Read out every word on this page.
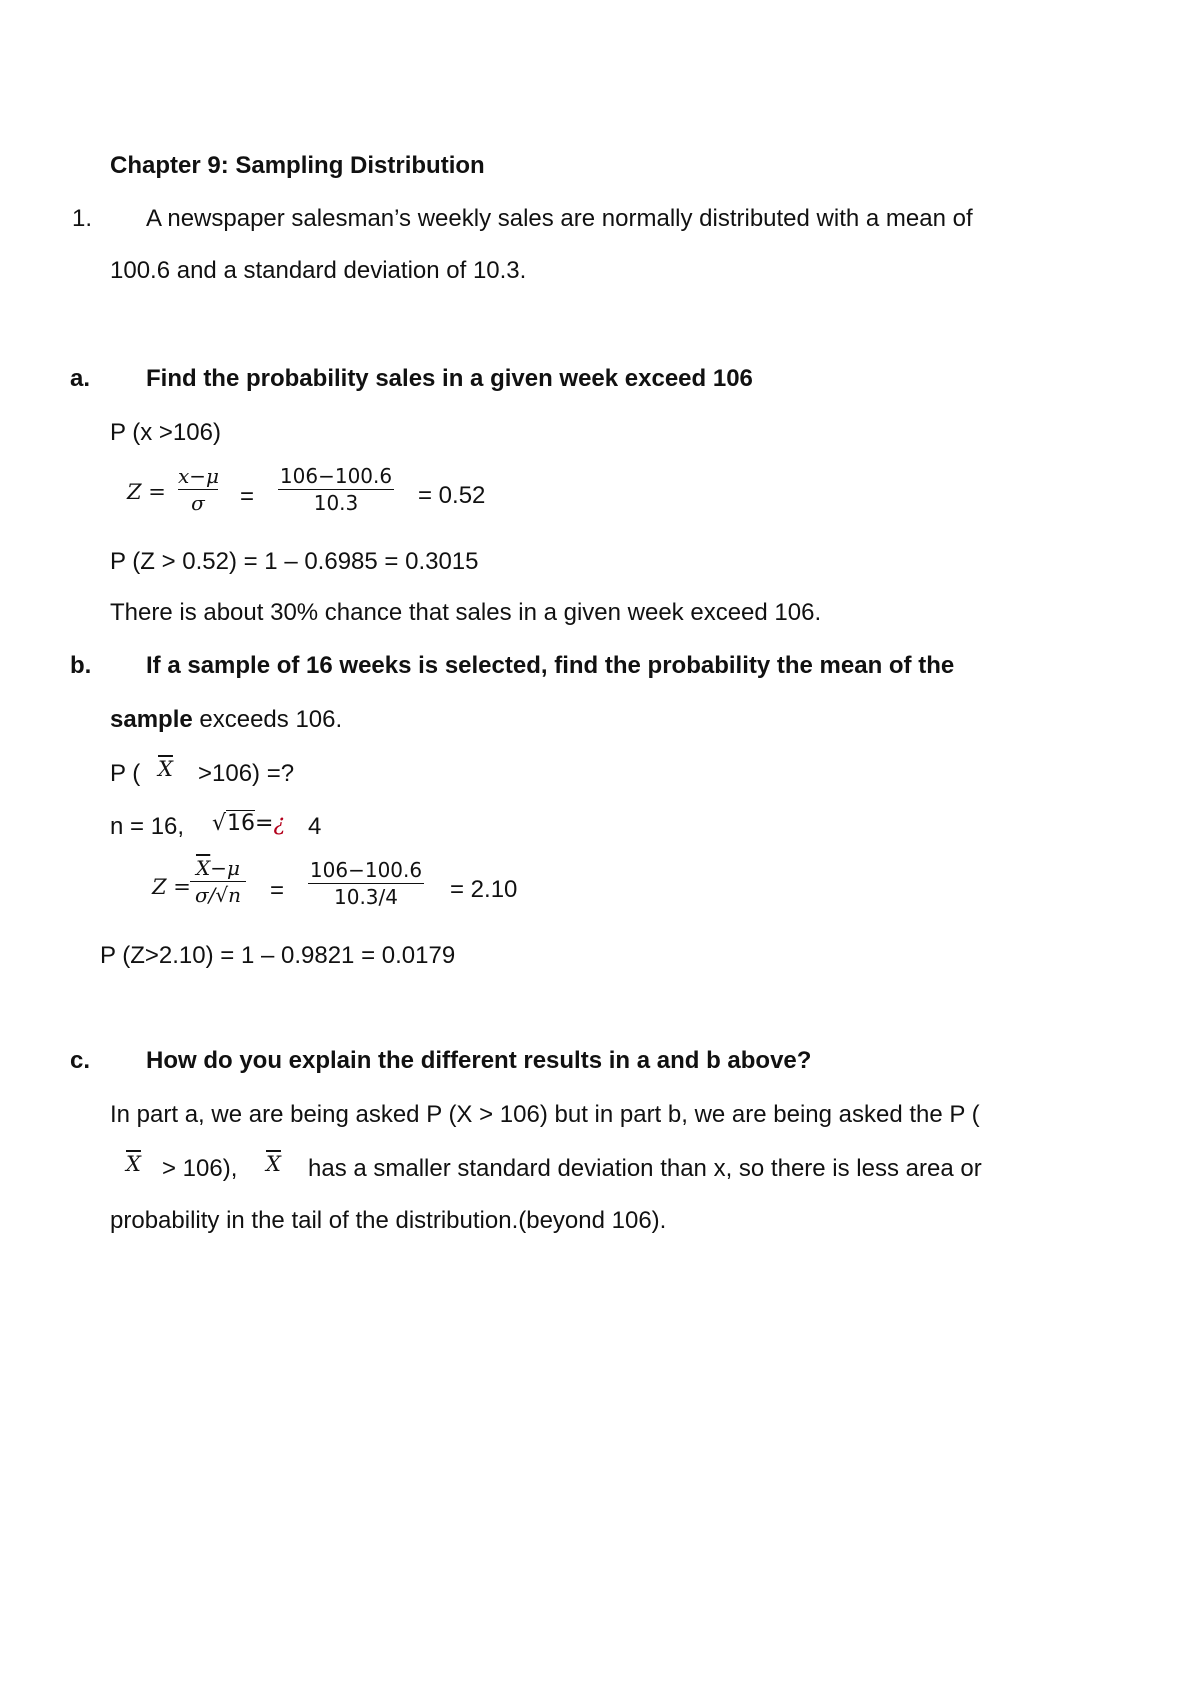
Chapter 9: Sampling Distribution
1. A newspaper salesman’s weekly sales are normally distributed with a mean of
100.6 and a standard deviation of 10.3.
a. Find the probability sales in a given week exceed 106
P (x >106)
Z =
x−μ
σ	=
106−100.6
10.3	= 0.52
P (Z > 0.52) = 1 – 0.6985 = 0.3015
There is about 30% chance that sales in a given week exceed 106.
b. If a sample of 16 weeks is selected, find the probability the mean of the
sample exceeds 106.
P ( $\overline{X} >106$) =?
n = 16, √16=¿ 4
Z =
$\overline{X}-\mu$
σ/√n =
106−100.6
10.3/4	= 2.10
P (Z>2.10) = 1 – 0.9821 = 0.0179
c. How do you explain the different results in a and b above?
In part a, we are being asked P (X > 106) but in part b, we are being asked the P (
$\overline{X} > 106$), $\overline{X}$ has a smaller standard deviation than x, so there is less area or
probability in the tail of the distribution.(beyond 106).
